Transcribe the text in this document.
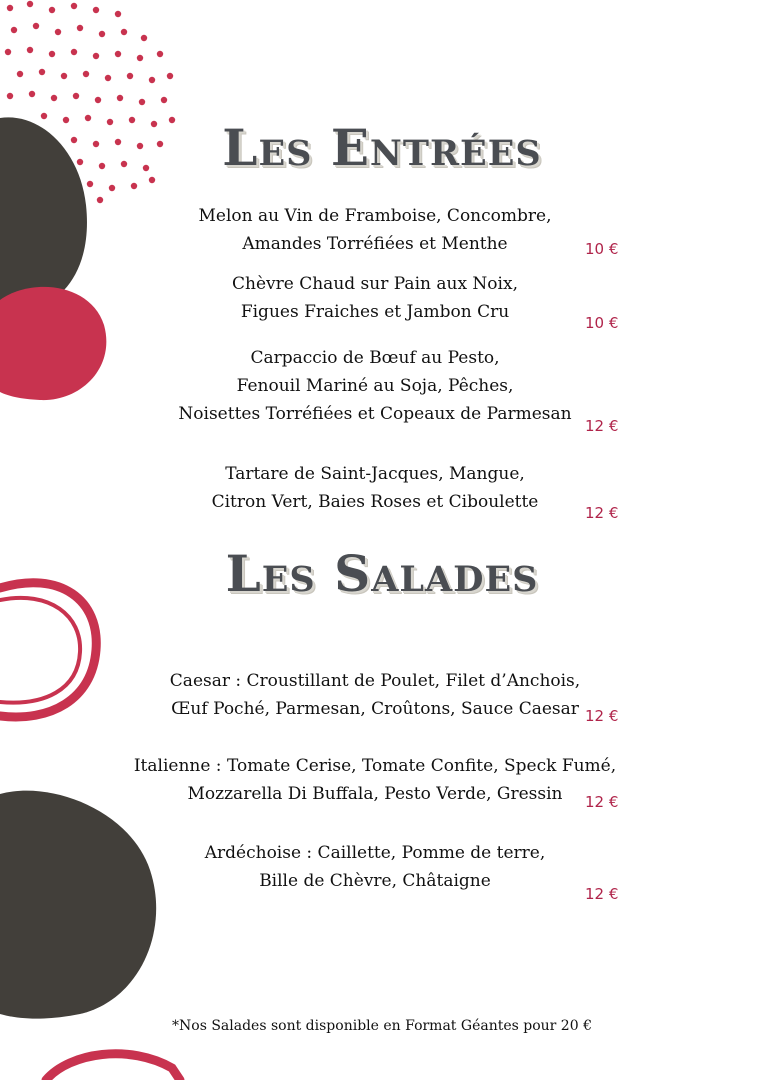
Les Entrées
Melon au Vin de Framboise, Concombre,
Amandes Torréfiées et Menthe	10 €
Chèvre Chaud sur Pain aux Noix,
Figues Fraiches et Jambon Cru
10 €
Carpaccio de Bœuf au Pesto,
Fenouil Mariné au Soja, Pêches,
Noisettes Torréfiées et Copeaux de Parmesan
12 €
Tartare de Saint-Jacques, Mangue,
Citron Vert, Baies Roses et Ciboulette
12 €
Les Salades
Caesar : Croustillant de Poulet, Filet d’Anchois,
Œuf Poché, Parmesan, Croûtons, Sauce Caesar 12 €
Italienne : Tomate Cerise, Tomate Confite, Speck Fumé,
Mozzarella Di Buffala, Pesto Verde, Gressin	12 €
Ardéchoise : Caillette, Pomme de terre,
Bille de Chèvre, Châtaigne
12 €
*Nos Salades sont disponible en Format Géantes pour 20 €
